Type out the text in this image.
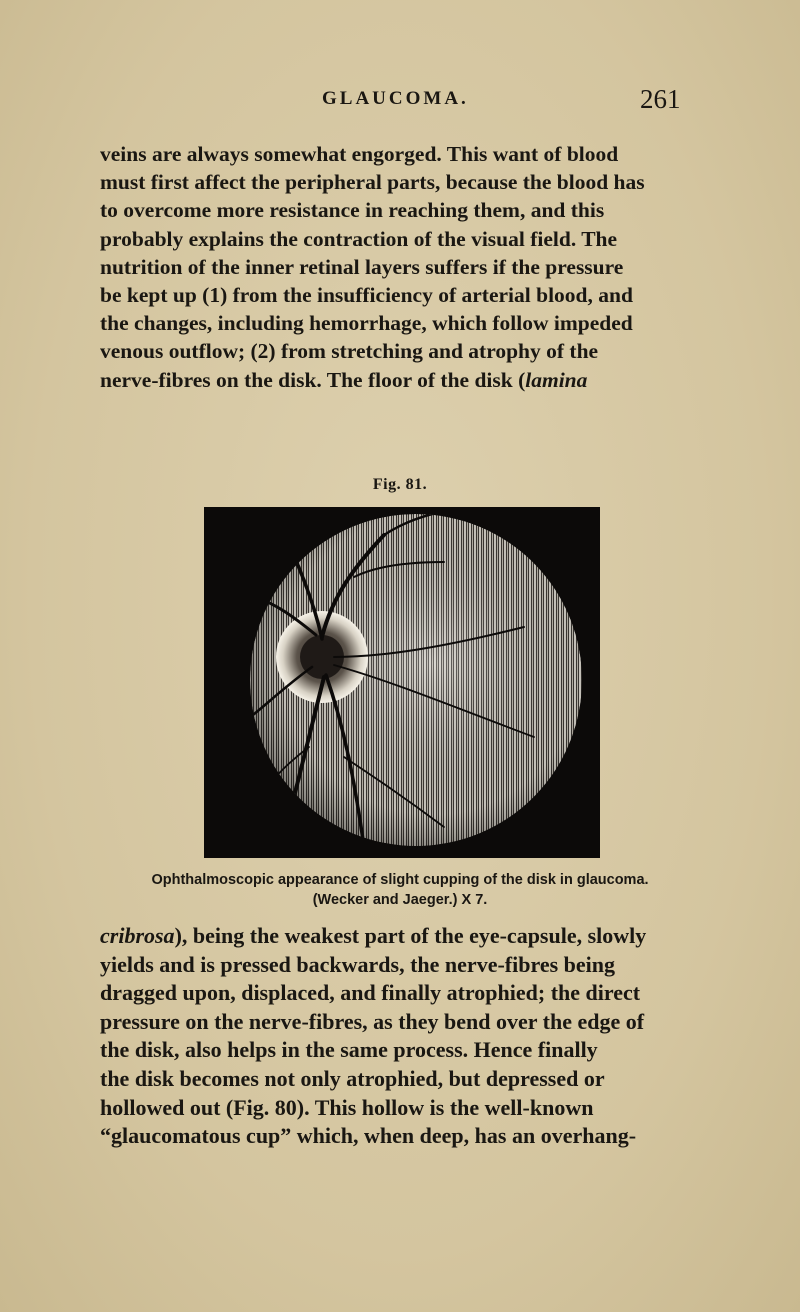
GLAUCOMA.	261

veins are always somewhat engorged. This want of blood

must first affect the peripheral parts, because the blood has

to overcome more resistance in reaching them, and this

probably explains the contraction of the visual field. The

nutrition of the inner retinal layers suffers if the pressure

be kept up (1) from the insufficiency of arterial blood, and

the changes, including hemorrhage, which follow impeded

venous outflow; (2) from stretching and atrophy of the

nerve-fibres on the disk. The floor of the disk (lamina

Fig. 81.
Ophthalmoscopic appearance of slight cupping of the disk in glaucoma.
(Wecker and Jaeger.) X 7.

cribrosa), being the weakest part of the eye-capsule, slowly

yields and is pressed backwards, the nerve-fibres being

dragged upon, displaced, and finally atrophied; the direct

pressure on the nerve-fibres, as they bend over the edge of

the disk, also helps in the same process. Hence finally

the disk becomes not only atrophied, but depressed or

hollowed out (Fig. 80). This hollow is the well-known

“glaucomatous cup” which, when deep, has an overhang-
